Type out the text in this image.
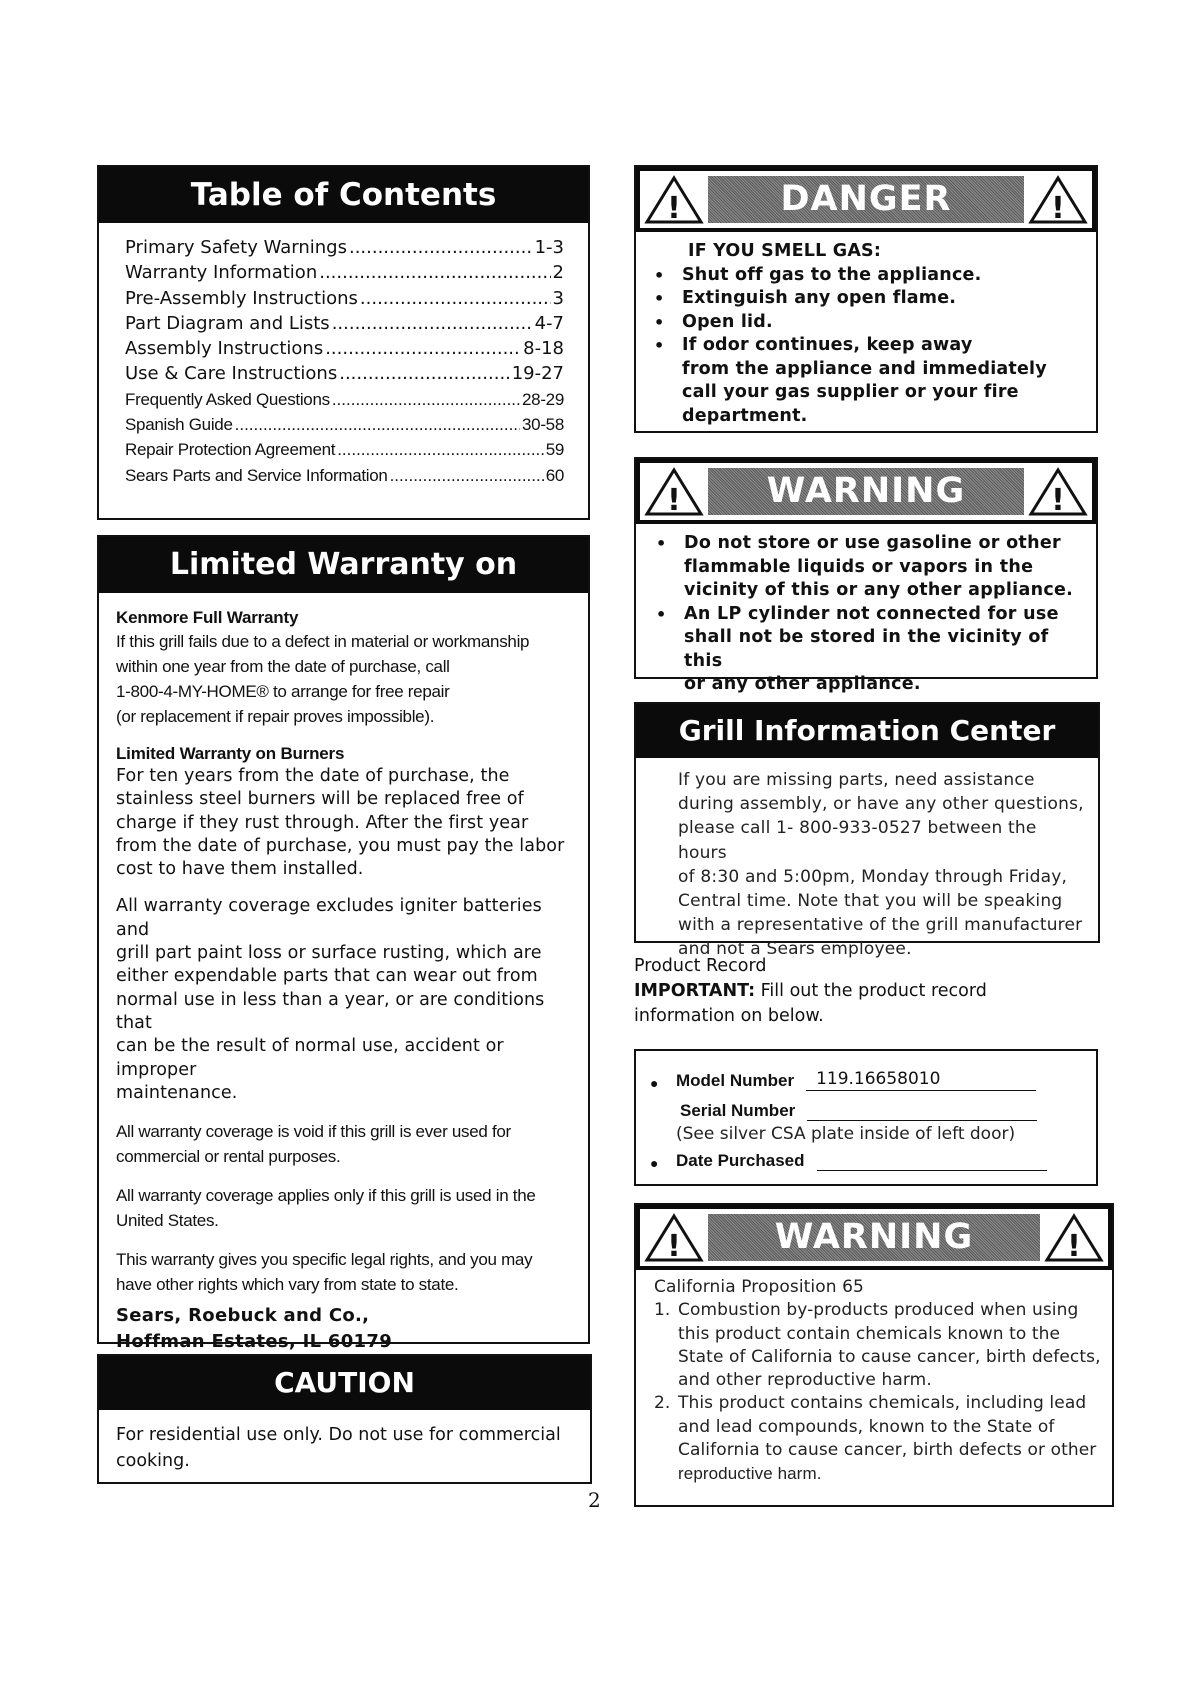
Table of Contents
Primary Safety Warnings .....	1-3
Warranty Information .....	2
Pre-Assembly Instructions .....	3
Part Diagram and Lists .....	4-7
Assembly Instructions .....	8-18
Use & Care Instructions .....	19-27
Frequently Asked Questions .....	28-29
Spanish Guide .....	30-58
Repair Protection Agreement .....	59
Sears Parts and Service Information .....	60
Limited Warranty on Burners
Kenmore Full Warranty
If this grill fails due to a defect in material or workmanship
within one year from the date of purchase, call
1-800-4-MY-HOME® to arrange for free repair
(or replacement if repair proves impossible).
Limited Warranty on Burners
For ten years from the date of purchase, the
stainless steel burners will be replaced free of
charge if they rust through. After the first year
from the date of purchase, you must pay the labor
cost to have them installed.
All warranty coverage excludes igniter batteries and
grill part paint loss or surface rusting, which are
either expendable parts that can wear out from
normal use in less than a year, or are conditions that
can be the result of normal use, accident or improper
maintenance.
All warranty coverage is void if this grill is ever used for
commercial or rental purposes.
All warranty coverage applies only if this grill is used in the
United States.
This warranty gives you specific legal rights, and you may
have other rights which vary from state to state.
Sears, Roebuck and Co.,
Hoffman Estates, IL 60179
CAUTION
For residential use only. Do not use for commercial
cooking.
!	DANGER	!
IF YOU SMELL GAS:
• Shut off gas to the appliance.
• Extinguish any open flame.
• Open lid.
• If odor continues, keep away
from the appliance and immediately
call your gas supplier or your fire
department.
!	WARNING	!
• Do not store or use gasoline or other
flammable liquids or vapors in the
vicinity of this or any other appliance.
• An LP cylinder not connected for use
shall not be stored in the vicinity of this
or any other appliance.
Grill Information Center
If you are missing parts, need assistance
during assembly, or have any other questions,
please call 1- 800-933-0527 between the hours
of 8:30 and 5:00pm, Monday through Friday,
Central time. Note that you will be speaking
with a representative of the grill manufacturer
and not a Sears employee.
Product Record
IMPORTANT: Fill out the product record
information on below.
●	Model Number	119.16658010
Serial Number
(See silver CSA plate inside of left door)
●	Date Purchased
!	WARNING	!
California Proposition 65
1. Combustion by-products produced when using
this product contain chemicals known to the
State of California to cause cancer, birth defects,
and other reproductive harm.
2. This product contains chemicals, including lead
and lead compounds, known to the State of
California to cause cancer, birth defects or other
reproductive harm.
2
